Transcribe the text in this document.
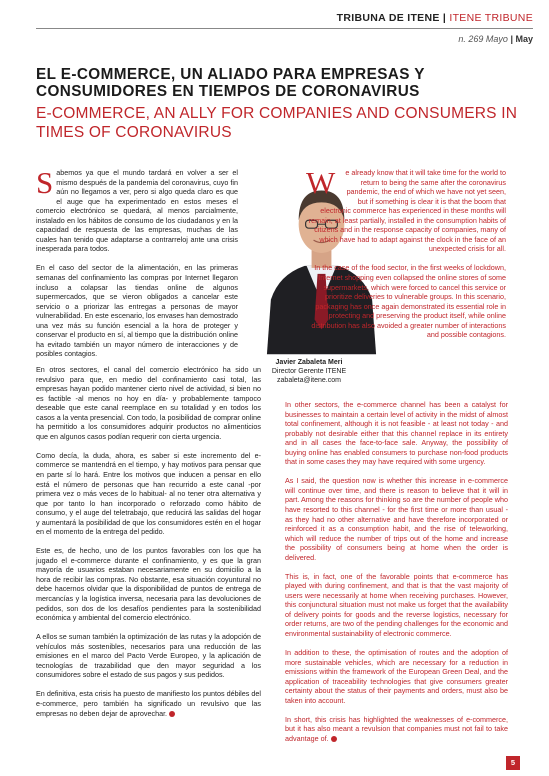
TRIBUNA DE ITENE | ITENE TRIBUNE
n. 269 Mayo | May
EL E-COMMERCE, UN ALIADO PARA EMPRESAS Y CONSUMIDORES EN TIEMPOS DE CORONAVIRUS
E-COMMERCE, AN ALLY FOR COMPANIES AND CONSUMERS IN TIMES OF CORONAVIRUS

Sabemos ya que el mundo tardará en volver a ser el mismo después de la pandemia del coronavirus, cuyo fin aún no llegamos a ver, pero si algo queda claro es que el auge que ha experimentado en estos meses el comercio electrónico se quedará, al menos parcialmente, instalado en los hábitos de consumo de los ciudadanos y en la capacidad de respuesta de las empresas, muchas de las cuales han tenido que adaptarse a contrarreloj ante una crisis inesperada para todos.

En el caso del sector de la alimentación, en las primeras semanas del confinamiento las compras por Internet llegaron incluso a colapsar las tiendas online de algunos supermercados, que se vieron obligados a cancelar este servicio o a priorizar las entregas a personas de mayor vulnerabilidad. En este escenario, los envases han demostrado una vez más su función esencial a la hora de proteger y conservar el producto en sí, al tiempo que la distribución online ha evitado también un mayor número de interacciones y de posibles contagios.

En otros sectores, el canal del comercio electrónico ha sido un revulsivo para que, en medio del confinamiento casi total, las empresas hayan podido mantener cierto nivel de actividad, si bien no es factible -al menos no hoy en día- y probablemente tampoco deseable que este canal reemplace en su totalidad y en todos los casos a la venta presencial. Con todo, la posibilidad de comprar online ha permitido a los consumidores adquirir productos no alimenticios que en algunos casos podían requerir con cierta urgencia.

Como decía, la duda, ahora, es saber si este incremento del e-commerce se mantendrá en el tiempo, y hay motivos para pensar que en parte sí lo hará. Entre los motivos que inducen a pensar en ello está el número de personas que han recurrido a este canal -por primera vez o más veces de lo habitual- al no tener otra alternativa y que por tanto lo han incorporado o reforzado como hábito de consumo, y el auge del teletrabajo, que reducirá las salidas del hogar y aumentará la posibilidad de que los consumidores estén en el hogar en el momento de la entrega del pedido.

Este es, de hecho, uno de los puntos favorables con los que ha jugado el e-commerce durante el confinamiento, y es que la gran mayoría de usuarios estaban necesariamente en su domicilio a la hora de recibir las compras. No obstante, esa situación coyuntural no debe hacernos olvidar que la disponibilidad de puntos de entrega de mercancías y la logística inversa, necesaria para las devoluciones de pedidos, son dos de los desafíos pendientes para la sostenibilidad económica y ambiental del comercio electrónico.

A ellos se suman también la optimización de las rutas y la adopción de vehículos más sostenibles, necesarios para una reducción de las emisiones en el marco del Pacto Verde Europeo, y la aplicación de tecnologías de trazabilidad que den mayor seguridad a los consumidores sobre el estado de sus pagos y sus pedidos.

En definitiva, esta crisis ha puesto de manifiesto los puntos débiles del e-commerce, pero también ha significado un revulsivo que las empresas no deben dejar de aprovechar.

Javier Zabaleta Meri
Director Gerente ITENE
zabaleta@itene.com

W e already know that it will take time for the world to return to being the same after the coronavirus pandemic, the end of which we have not yet seen, but if something is clear it is that the boom that electronic commerce has experienced in these months will remain, at least partially, installed in the consumption habits of citizens and in the response capacity of companies, many of which have had to adapt against the clock in the face of an unexpected crisis for all.

In the case of the food sector, in the first weeks of lockdown, Internet shopping even collapsed the online stores of some supermarkets, which were forced to cancel this service or prioritize deliveries to vulnerable groups. In this scenario, packaging has once again demonstrated its essential role in protecting and preserving the product itself, while online distribution has also avoided a greater number of interactions and possible contagions.

In other sectors, the e-commerce channel has been a catalyst for businesses to maintain a certain level of activity in the midst of almost total confinement, although it is not feasible - at least not today - and probably not desirable either that this channel replace in its entirety and in all cases the face-to-face sale. Anyway, the possibility of buying online has enabled consumers to purchase non-food products that in some cases they may have required with some urgency.

As I said, the question now is whether this increase in e-commerce will continue over time, and there is reason to believe that it will in part. Among the reasons for thinking so are the number of people who have resorted to this channel - for the first time or more than usual - as they had no other alternative and have therefore incorporated or reinforced it as a consumption habit, and the rise of teleworking, which will reduce the number of trips out of the home and increase the possibility of consumers being at home when the order is delivered.

This is, in fact, one of the favorable points that e-commerce has played with during confinement, and that is that the vast majority of users were necessarily at home when receiving purchases. However, this conjunctural situation must not make us forget that the availability of delivery points for goods and the reverse logistics, necessary for order returns, are two of the pending challenges for the economic and environmental sustainability of electronic commerce.

In addition to these, the optimisation of routes and the adoption of more sustainable vehicles, which are necessary for a reduction in emissions within the framework of the European Green Deal, and the application of traceability technologies that give consumers greater certainty about the status of their payments and orders, must also be taken into account.

In short, this crisis has highlighted the weaknesses of e-commerce, but it has also meant a revulsion that companies must not fail to take advantage of.

5
